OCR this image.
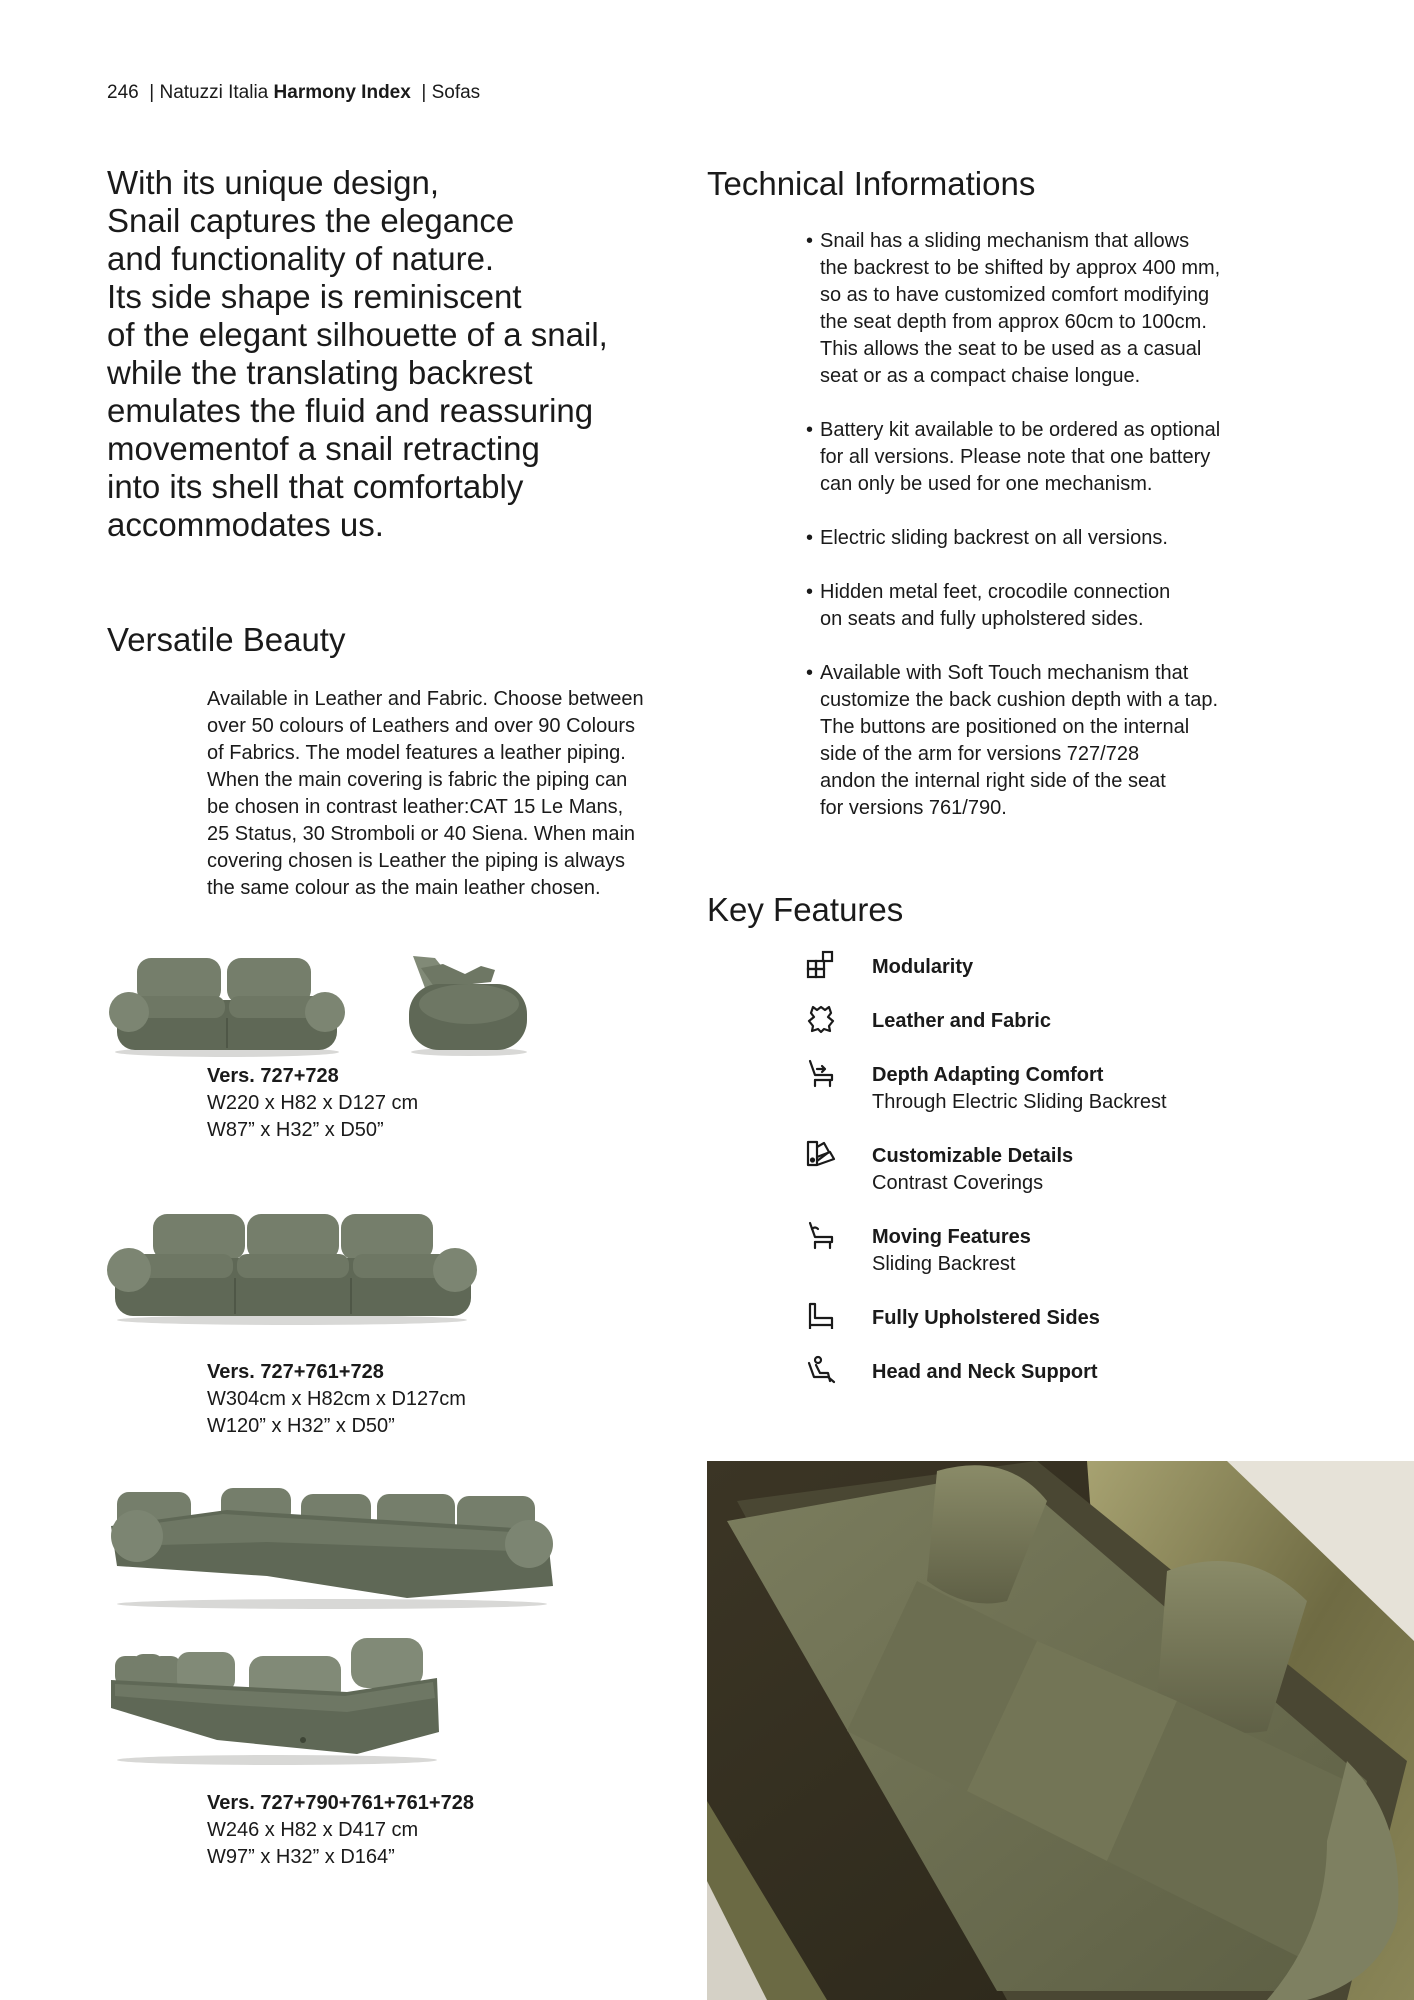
246  | Natuzzi Italia Harmony Index  | Sofas
With its unique design,
Snail captures the elegance
and functionality of nature.
Its side shape is reminiscent
of the elegant silhouette of a snail,
while the translating backrest
emulates the fluid and reassuring
movementof a snail retracting
into its shell that comfortably
accommodates us.
Versatile Beauty
Available in Leather and Fabric. Choose between
over 50 colours of Leathers and over 90 Colours
of Fabrics. The model features a leather piping.
When the main covering is fabric the piping can
be chosen in contrast leather:CAT 15 Le Mans,
25 Status, 30 Stromboli or 40 Siena. When main
covering chosen is Leather the piping is always
the same colour as the main leather chosen.
Technical Informations
• Snail has a sliding mechanism that allows
the backrest to be shifted by approx 400 mm,
so as to have customized comfort modifying
the seat depth from approx 60cm to 100cm.
This allows the seat to be used as a casual
seat or as a compact chaise longue.
• Battery kit available to be ordered as optional
for all versions. Please note that one battery
can only be used for one mechanism.
• Electric sliding backrest on all versions.
• Hidden metal feet, crocodile connection
on seats and fully upholstered sides.
• Available with Soft Touch mechanism that
customize the back cushion depth with a tap.
The buttons are positioned on the internal
side of the arm for versions 727/728
andon the internal right side of the seat
for versions 761/790.
Key Features
Modularity
Leather and Fabric
Depth Adapting Comfort
Through Electric Sliding Backrest
Customizable Details
Contrast Coverings
Moving Features
Sliding Backrest
Fully Upholstered Sides
Head and Neck Support
Vers. 727+728
W220 x H82 x D127 cm
W87” x H32” x D50”
Vers. 727+761+728
W304cm x H82cm x D127cm
W120” x H32” x D50”
Vers. 727+790+761+761+728
W246 x H82 x D417 cm
W97” x H32” x D164”
